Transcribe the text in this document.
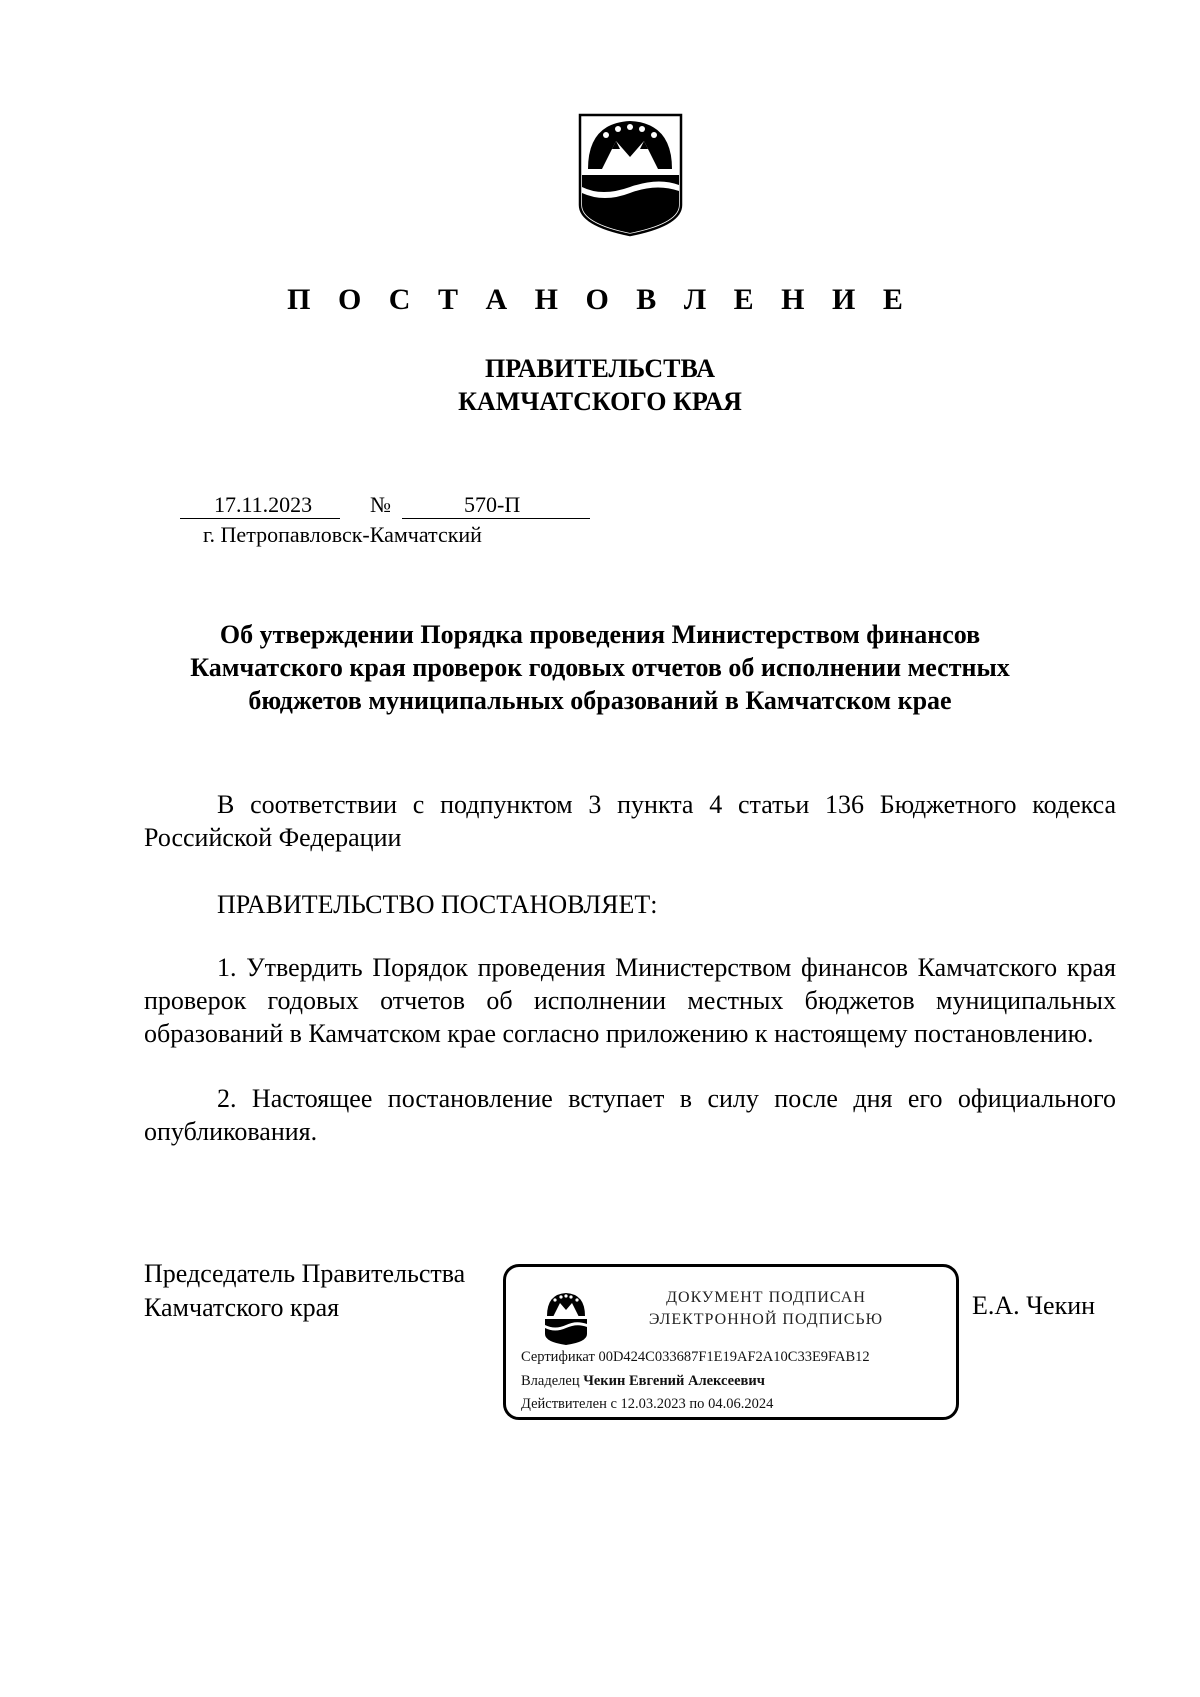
П О С Т А Н О В Л Е Н И Е
ПРАВИТЕЛЬСТВА
КАМЧАТСКОГО КРАЯ
17.11.2023	№	570-П
г. Петропавловск-Камчатский
Об утверждении Порядка проведения Министерством финансов Камчатского края проверок годовых отчетов об исполнении местных бюджетов муниципальных образований в Камчатском крае
В соответствии с подпунктом 3 пункта 4 статьи 136 Бюджетного кодекса Российской Федерации
ПРАВИТЕЛЬСТВО ПОСТАНОВЛЯЕТ:
1. Утвердить Порядок проведения Министерством финансов Камчатского края проверок годовых отчетов об исполнении местных бюджетов муниципальных образований в Камчатском крае согласно приложению к настоящему постановлению.
2. Настоящее постановление вступает в силу после дня его официального опубликования.
Председатель Правительства
Камчатского края	ДОКУМЕНТ ПОДПИСАН
ЭЛЕКТРОННОЙ ПОДПИСЬЮ
Сертификат 00D424C033687F1E19AF2A10C33E9FAB12
Владелец Чекин Евгений Алексеевич
Действителен с 12.03.2023 по 04.06.2024
Е.А. Чекин
